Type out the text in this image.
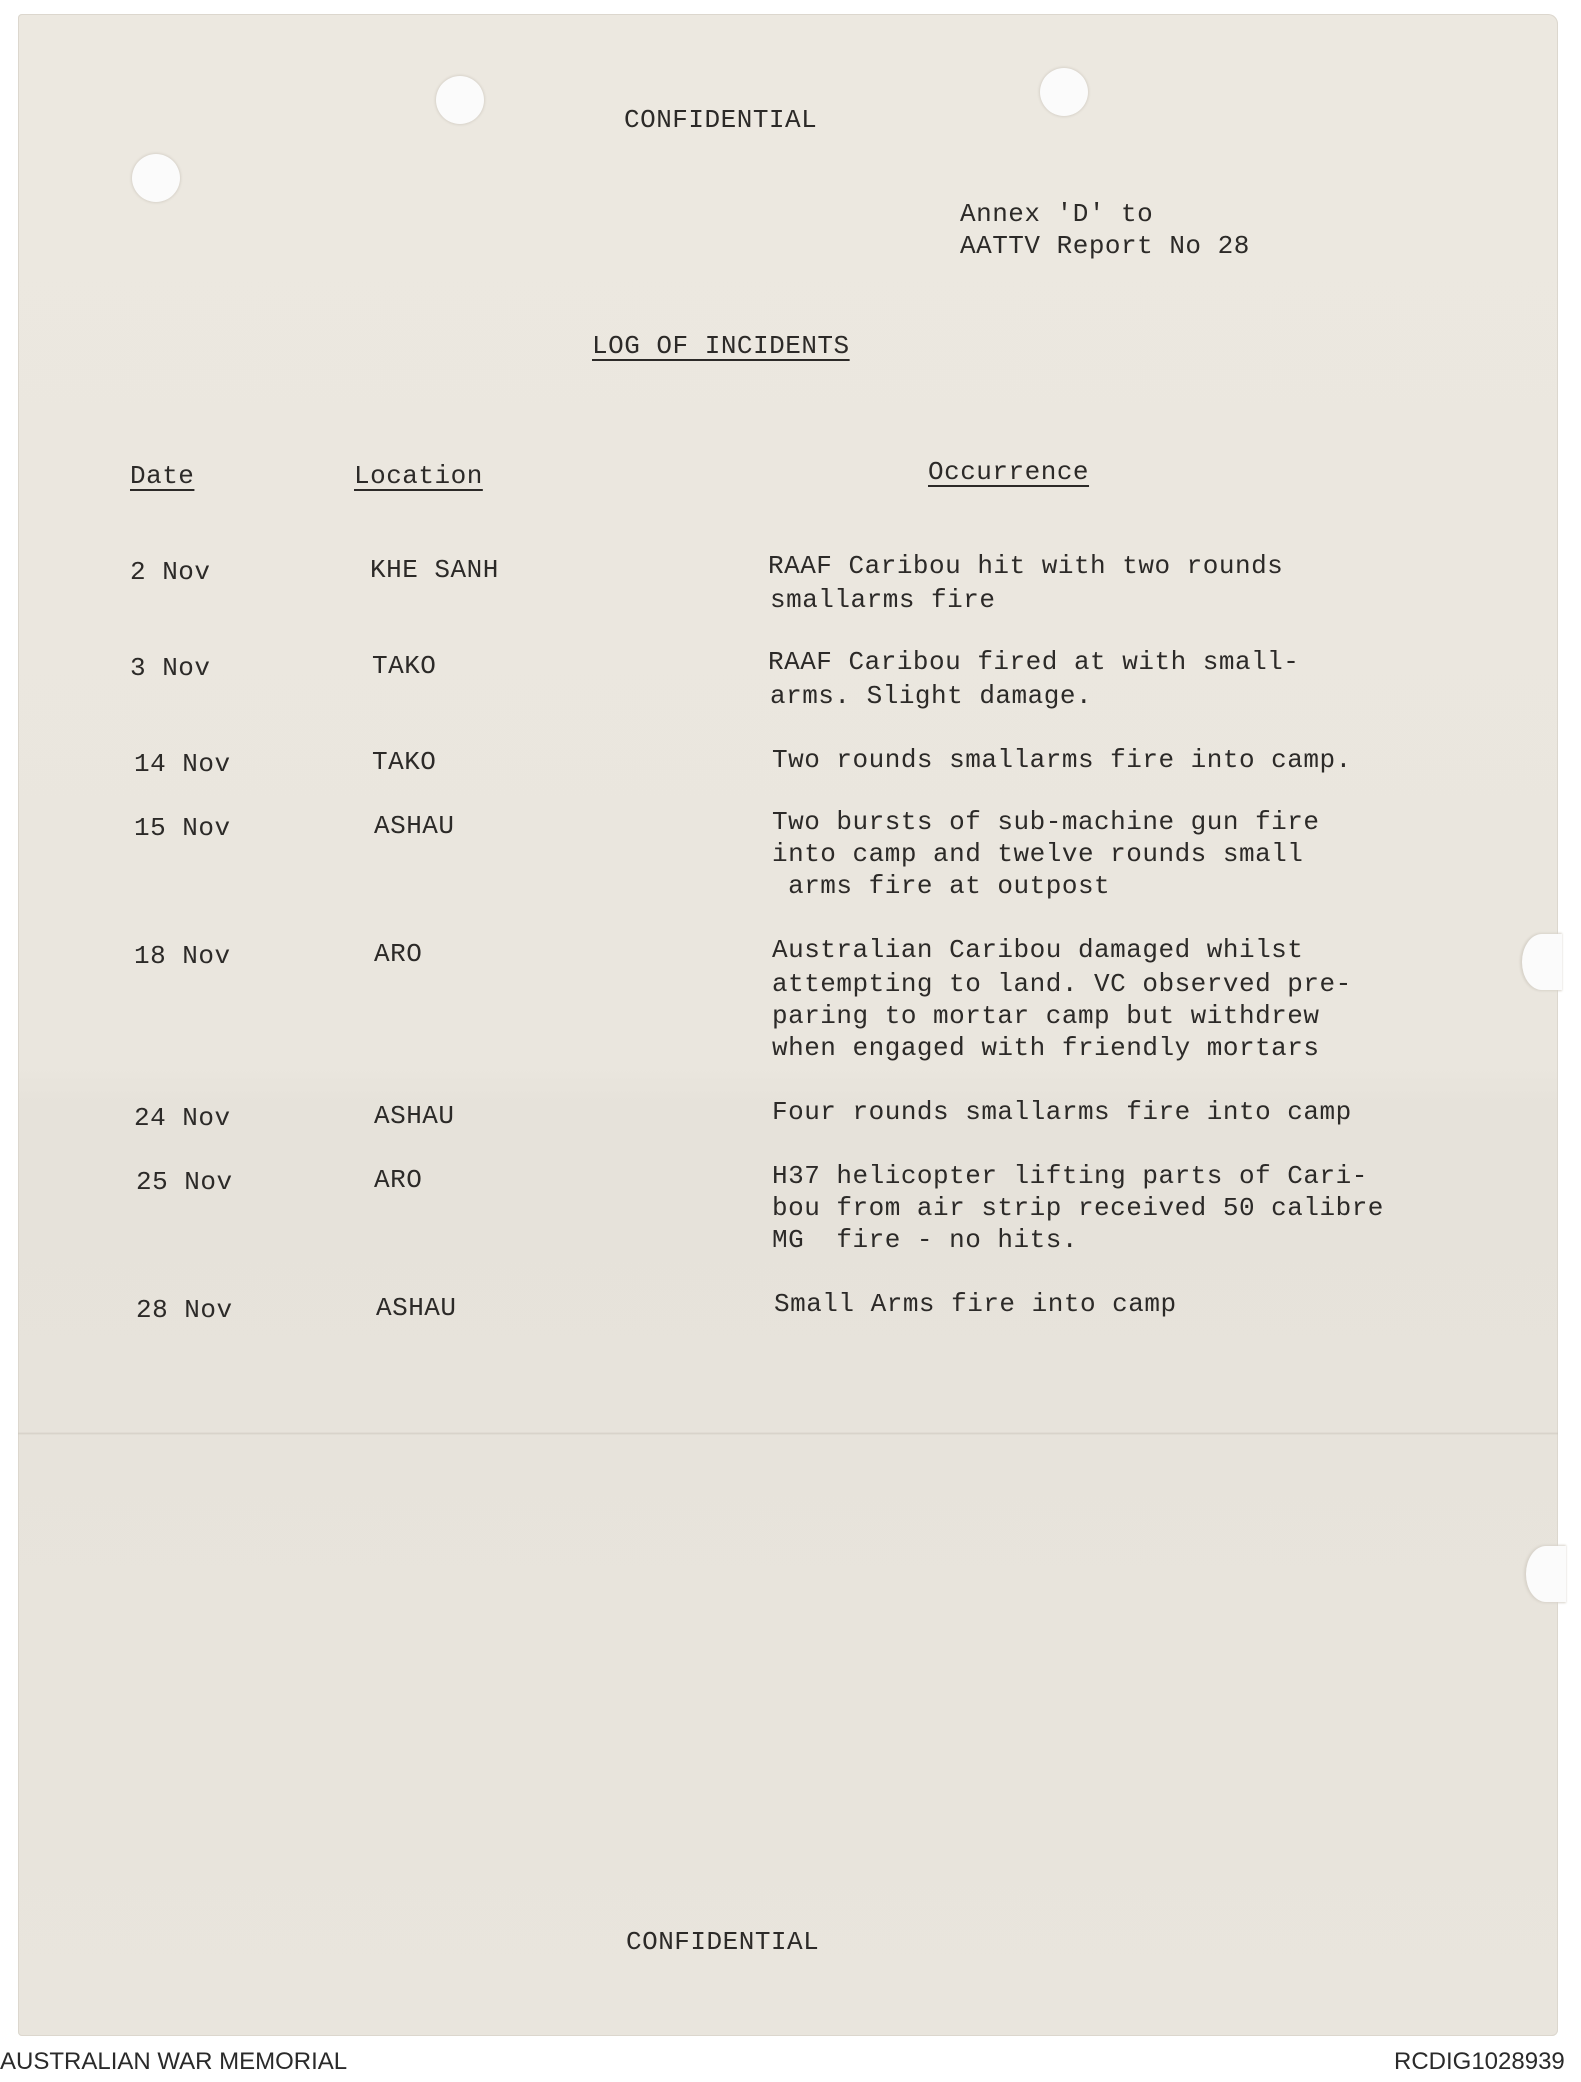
CONFIDENTIAL
Annex 'D' to
AATTV Report No 28
LOG OF INCIDENTS
Date	Location	Occurrence
2 Nov	KHE SANH	RAAF Caribou hit with two rounds
smallarms fire
3 Nov	TAKO	RAAF Caribou fired at with small-
arms. Slight damage.
14 Nov	TAKO	Two rounds smallarms fire into camp.
15 Nov	ASHAU	Two bursts of sub-machine gun fire
into camp and twelve rounds small
arms fire at outpost
18 Nov	ARO	Australian Caribou damaged whilst
attempting to land. VC observed pre-
paring to mortar camp but withdrew
when engaged with friendly mortars
24 Nov	ASHAU	Four rounds smallarms fire into camp
25 Nov	ARO	H37 helicopter lifting parts of Cari-
bou from air strip received 50 calibre
MG  fire - no hits.
28 Nov	ASHAU	Small Arms fire into camp
CONFIDENTIAL
AUSTRALIAN WAR MEMORIAL	RCDIG1028939
